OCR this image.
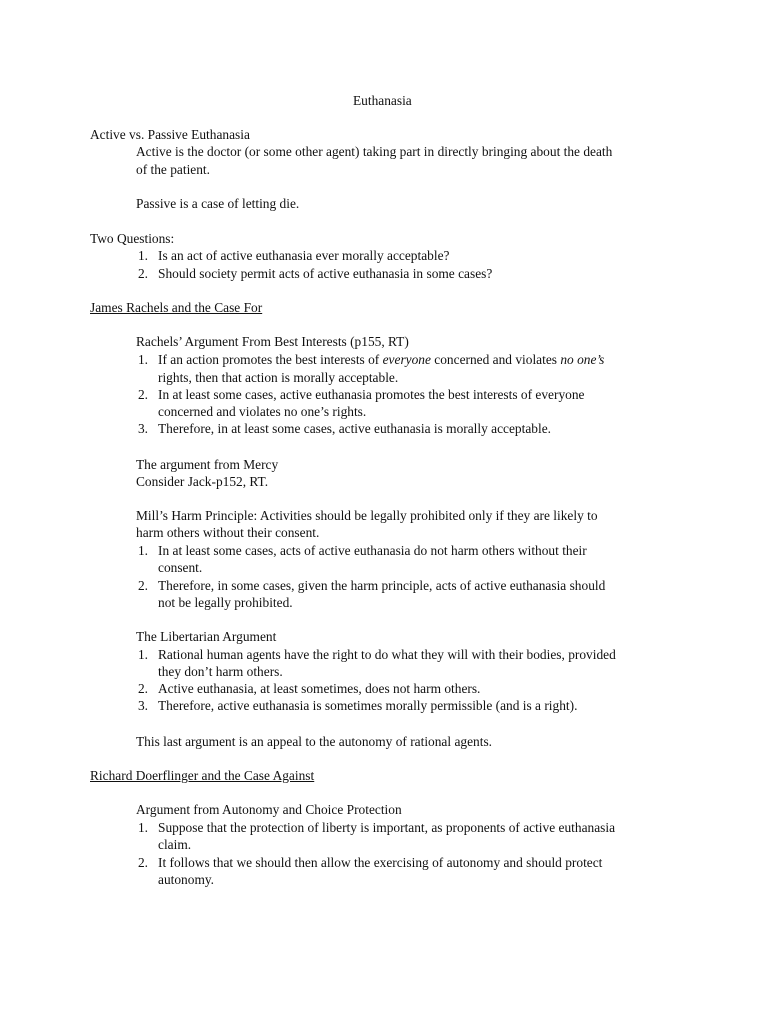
Euthanasia
Active vs. Passive Euthanasia
Active is the doctor (or some other agent) taking part in directly bringing about the death
of the patient.
Passive is a case of letting die.
Two Questions:
1. Is an act of active euthanasia ever morally acceptable?
2. Should society permit acts of active euthanasia in some cases?
James Rachels and the Case For
Rachels’ Argument From Best Interests (p155, RT)
1. If an action promotes the best interests of everyone concerned and violates no one’s
rights, then that action is morally acceptable.
2. In at least some cases, active euthanasia promotes the best interests of everyone
concerned and violates no one’s rights.
3. Therefore, in at least some cases, active euthanasia is morally acceptable.
The argument from Mercy
Consider Jack-p152, RT.
Mill’s Harm Principle: Activities should be legally prohibited only if they are likely to
harm others without their consent.
1. In at least some cases, acts of active euthanasia do not harm others without their
consent.
2. Therefore, in some cases, given the harm principle, acts of active euthanasia should
not be legally prohibited.
The Libertarian Argument
1. Rational human agents have the right to do what they will with their bodies, provided
they don’t harm others.
2. Active euthanasia, at least sometimes, does not harm others.
3. Therefore, active euthanasia is sometimes morally permissible (and is a right).
This last argument is an appeal to the autonomy of rational agents.
Richard Doerflinger and the Case Against
Argument from Autonomy and Choice Protection
1. Suppose that the protection of liberty is important, as proponents of active euthanasia
claim.
2. It follows that we should then allow the exercising of autonomy and should protect
autonomy.
